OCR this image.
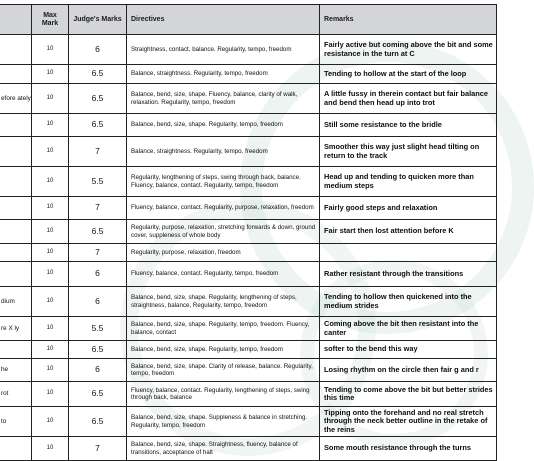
	Max Mark	Judge's Marks	Directives	Remarks
	10	6	Straightness, contact, balance. Regularity, tempo, freedom	Fairly active but coming above the bit and some resistance in the turn at C
	10	6.5	Balance, straightness. Regularity, tempo, freedom	Tending to hollow at the start of the loop
efore ately	10	6.5	Balance, bend, size, shape. Fluency, balance, clarity of walk, relaxation. Regularity, tempo, freedom	A little fussy in therein contact but fair balance and bend then head up into trot
	10	6.5	Balance, bend, size, shape. Regularity, tempo, freedom	Still some resistance to the bridle
	10	7	Balance, straightness. Regularity, tempo, freedom	Smoother this way just slight head tilting on return to the track
	10	5.5	Regularity, lengthening of steps, swing through back, balance. Fluency, balance, contact. Regularity, tempo, freedom	Head up and tending to quicken more than medium steps
	10	7	Fluency, balance, contact. Regularity, purpose, relaxation, freedom	Fairly good steps and relaxation
	10	6.5	Regularity, purpose, relaxation, stretching forwards & down, ground cover, suppleness of whole body	Fair start then lost attention before K
	10	7	Regularity, purpose, relaxation, freedom	
	10	6	Fluency, balance, contact. Regularity, tempo, freedom	Rather resistant through the transitions
dium	10	6	Balance, bend, size, shape. Regularity, lengthening of steps, straightness, balance, Regularity, tempo, freedom	Tending to hollow then quickened into the medium strides
re X ly	10	5.5	Balance, bend, size, shape. Regularity, tempo, freedom. Fluency, balance, contact	Coming above the bit then resistant into the canter
	10	6.5	Balance, bend, size, shape. Regularity, tempo, freedom	softer to the bend this way
he	10	6	Balance, bend, size, shape. Clarity of release, balance. Regularity, tempo, freedom	Losing rhythm on the circle then fair g and r
rot	10	6.5	Fluency, balance, contact. Regularity, lengthening of steps, swing through back, balance	Tending to come above the bit but better strides this time
to	10	6.5	Balance, bend, size, shape. Suppleness & balance in stretching. Regularity, tempo, freedom	Tipping onto the forehand and no real stretch through the neck better outline in the retake of the reins
	10	7	Balance, bend, size, shape. Straightness, fluency, balance of transitions, acceptance of halt	Some mouth resistance through the turns
